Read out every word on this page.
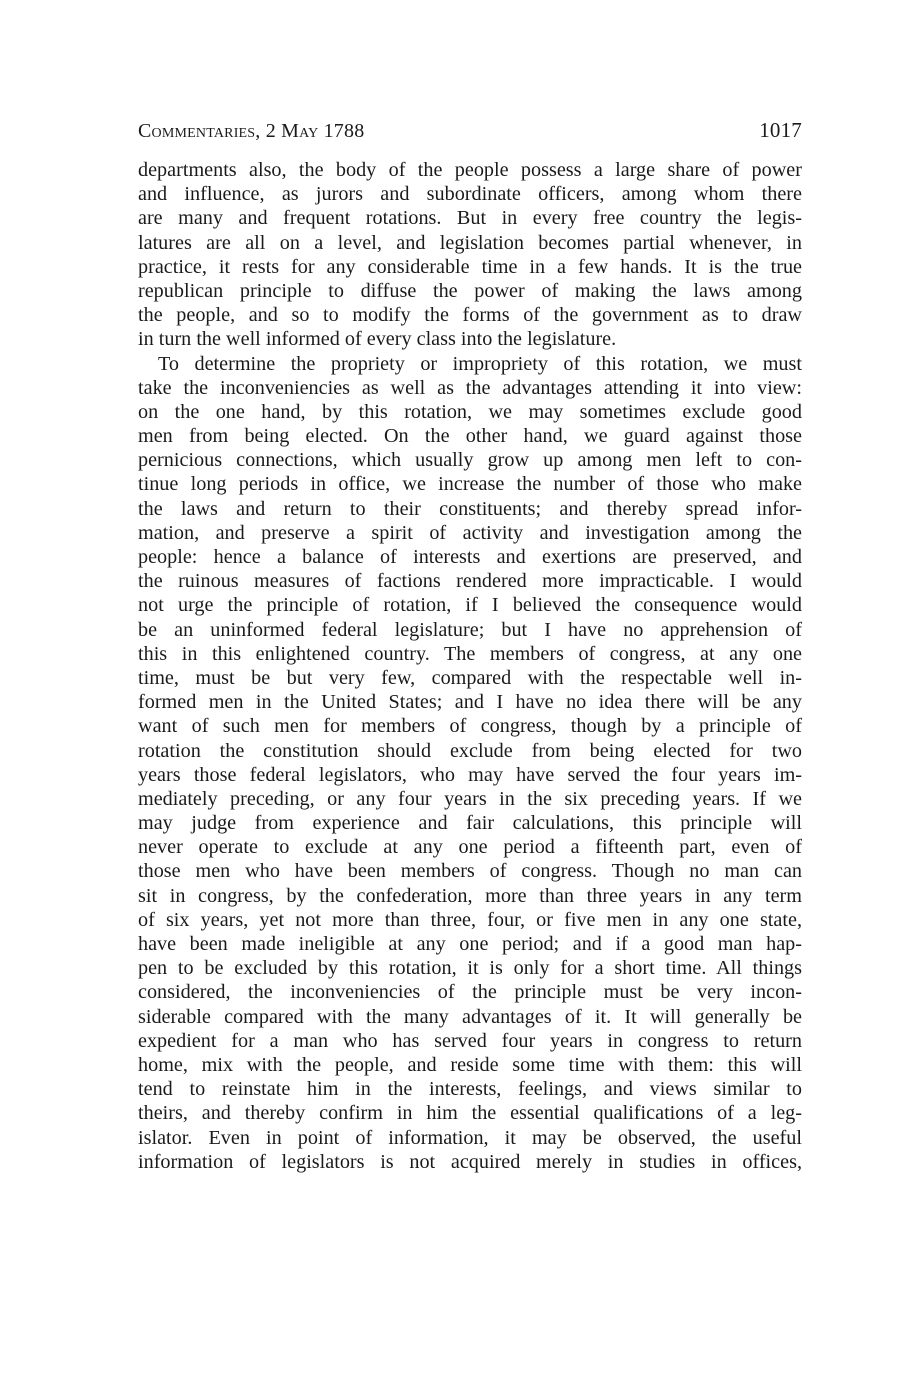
Commentaries, 2 May 1788	1017
departments also, the body of the people possess a large share of power
and influence, as jurors and subordinate officers, among whom there
are many and frequent rotations. But in every free country the legis-
latures are all on a level, and legislation becomes partial whenever, in
practice, it rests for any considerable time in a few hands. It is the true
republican principle to diffuse the power of making the laws among
the people, and so to modify the forms of the government as to draw
in turn the well informed of every class into the legislature.
To determine the propriety or impropriety of this rotation, we must
take the inconveniencies as well as the advantages attending it into view:
on the one hand, by this rotation, we may sometimes exclude good
men from being elected. On the other hand, we guard against those
pernicious connections, which usually grow up among men left to con-
tinue long periods in office, we increase the number of those who make
the laws and return to their constituents; and thereby spread infor-
mation, and preserve a spirit of activity and investigation among the
people: hence a balance of interests and exertions are preserved, and
the ruinous measures of factions rendered more impracticable. I would
not urge the principle of rotation, if I believed the consequence would
be an uninformed federal legislature; but I have no apprehension of
this in this enlightened country. The members of congress, at any one
time, must be but very few, compared with the respectable well in-
formed men in the United States; and I have no idea there will be any
want of such men for members of congress, though by a principle of
rotation the constitution should exclude from being elected for two
years those federal legislators, who may have served the four years im-
mediately preceding, or any four years in the six preceding years. If we
may judge from experience and fair calculations, this principle will
never operate to exclude at any one period a fifteenth part, even of
those men who have been members of congress. Though no man can
sit in congress, by the confederation, more than three years in any term
of six years, yet not more than three, four, or five men in any one state,
have been made ineligible at any one period; and if a good man hap-
pen to be excluded by this rotation, it is only for a short time. All things
considered, the inconveniencies of the principle must be very incon-
siderable compared with the many advantages of it. It will generally be
expedient for a man who has served four years in congress to return
home, mix with the people, and reside some time with them: this will
tend to reinstate him in the interests, feelings, and views similar to
theirs, and thereby confirm in him the essential qualifications of a leg-
islator. Even in point of information, it may be observed, the useful
information of legislators is not acquired merely in studies in offices,
